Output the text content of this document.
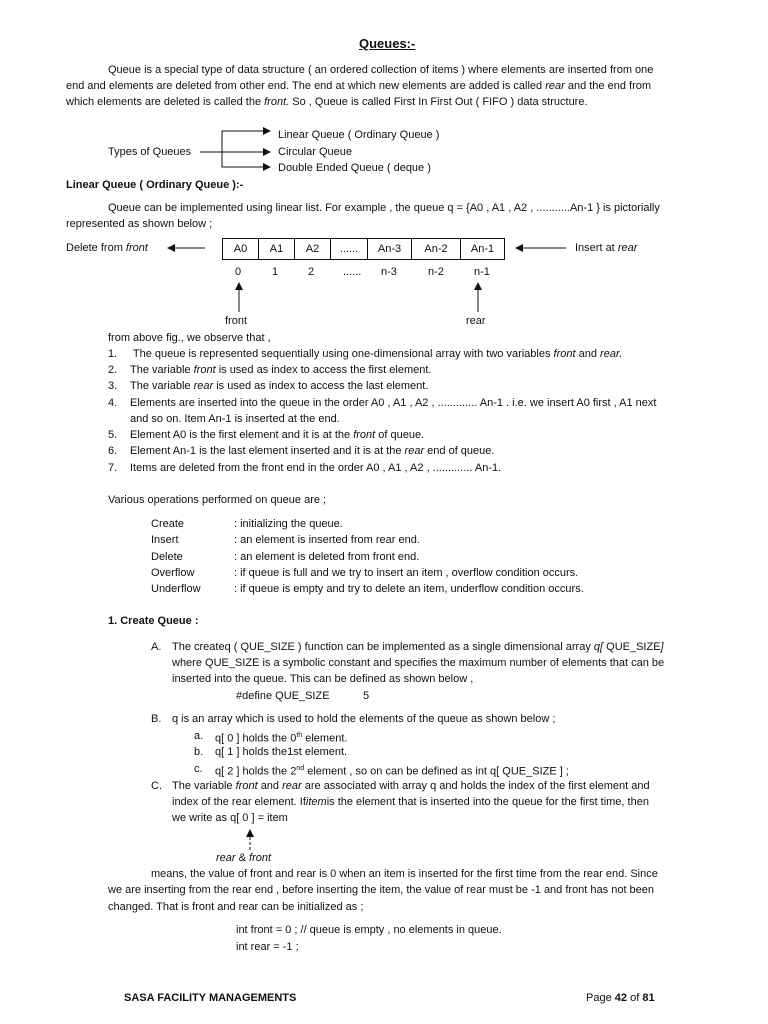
Queues:-
Queue is a special type of data structure ( an ordered collection of items ) where elements are inserted from one
end and elements are deleted from other end. The end at which new elements are added is called rear and the end from
which elements are deleted is called the front. So , Queue is called First In First Out ( FIFO ) data structure.
Types of Queues
Linear Queue ( Ordinary Queue )
Circular Queue
Double Ended Queue ( deque )
Linear Queue ( Ordinary Queue ):-
Queue can be implemented using linear list. For example , the queue q = {A0 , A1 , A2 , ...........An-1 } is pictorially
represented as shown below ;
Delete from front	Insert at rear
A0	A1	A2	......	An-3	An-2	An-1
0	1	2	...... n-3	n-2	n-1
front	rear
from above fig., we observe that ,
1. The queue is represented sequentially using one-dimensional array with two variables front and rear.
2. The variable front is used as index to access the first element.
3. The variable rear is used as index to access the last element.
4. Elements are inserted into the queue in the order A0 , A1 , A2 , ............. An-1 . i.e. we insert A0 first , A1 next
and so on. Item An-1 is inserted at the end.
5. Element A0 is the first element and it is at the front of queue.
6. Element An-1 is the last element inserted and it is at the rear end of queue.
7. Items are deleted from the front end in the order A0 , A1 , A2 , ............. An-1.
Various operations performed on queue are ;
Create	: initializing the queue.
Insert	: an element is inserted from rear end.
Delete	: an element is deleted from front end.
Overflow	: if queue is full and we try to insert an item , overflow condition occurs.
Underflow	: if queue is empty and try to delete an item, underflow condition occurs.
1. Create Queue :
A. The createq ( QUE_SIZE ) function can be implemented as a single dimensional array q[ QUE_SIZE]
where QUE_SIZE is a symbolic constant and specifies the maximum number of elements that can be
inserted into the queue. This can be defined as shown below ,
#define QUE_SIZE	5
B. q is an array which is used to hold the elements of the queue as shown below ;
a. q[ 0 ] holds the 0th element.
b. q[ 1 ] holds the1st element.
c. q[ 2 ] holds the 2nd element , so on can be defined as int q[ QUE_SIZE ] ;
C. The variable front and rear are associated with array q and holds the index of the first element and
index of the rear element. Ifitemis the element that is inserted into the queue for the first time, then
we write as q[ 0 ] = item
rear & front
means, the value of front and rear is 0 when an item is inserted for the first time from the rear end. Since
we are inserting from the rear end , before inserting the item, the value of rear must be -1 and front has not been
changed. That is front and rear can be initialized as ;
int front = 0 ; // queue is empty , no elements in queue.
int rear = -1 ;
SASA FACILITY MANAGEMENTS	Page 42 of 81
